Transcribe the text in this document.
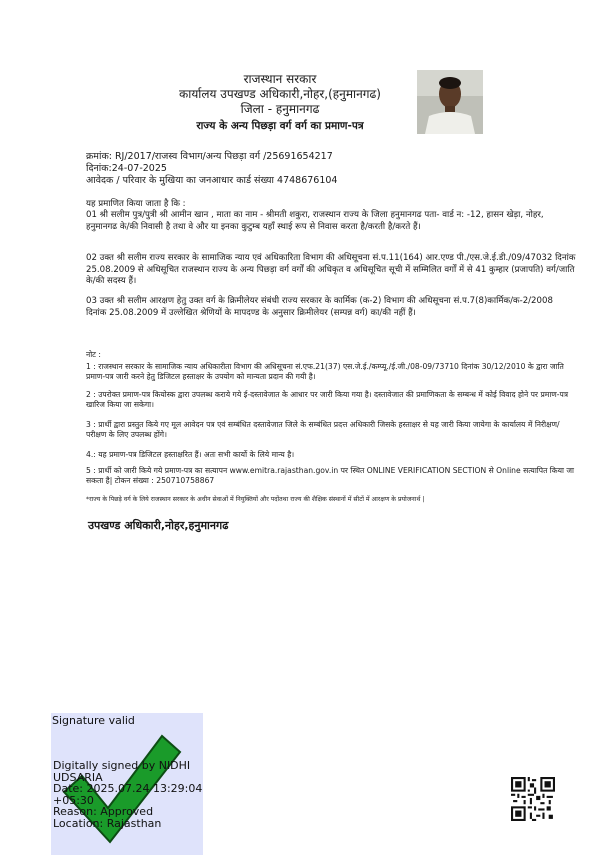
राजस्थान सरकार
कार्यालय उपखण्ड अधिकारी,नोहर,(हनुमानगढ)
जिला - हनुमानगढ
राज्य के अन्य पिछड़ा वर्ग वर्ग का प्रमाण-पत्र
क्रमांक: RJ/2017/राजस्व विभाग/अन्य पिछड़ा वर्ग /25691654217
दिनांक:24-07-2025
आवेदक / परिवार के मुखिया का जनआधार कार्ड संख्या 4748676104
यह प्रमाणित किया जाता है कि :
01 श्री सलीम पुत्र/पुत्री श्री आमीन खान , माता का नाम - श्रीमती शकुरा, राजस्थान राज्य के जिला हनुमानगढ पता- वार्ड न: -12, हासन खेड़ा, नोहर, हनुमानगढ के/की निवासी है तथा वे और या इनका कुटुम्ब यहाँ स्थाई रूप से निवास करता है/करती है/करते हैं।
02 उक्त श्री सलीम राज्य सरकार के सामाजिक न्याय एवं अधिकारिता विभाग की अधिसूचना सं.प.11(164) आर.एण्ड पी./एस.जे.ई.डी./09/47032 दिनांक 25.08.2009 से अधिसूचित राजस्थान राज्य के अन्य पिछड़ा वर्ग वर्गों की अधिकृत व अधिसूचित सूची में सम्मिलित वर्गों में से 41 कुम्हार (प्रजापति) वर्ग/जाति के/की सदस्य हैं।
03 उक्त श्री सलीम आरक्षण हेतु उक्त वर्ग के क्रिमीलेयर संबंधी राज्य सरकार के कार्मिक (क-2) विभाग की अधिसूचना सं.प.7(8)कार्मिक/क-2/2008 दिनांक 25.08.2009 में उल्लेखित श्रेणियों के मापदण्ड के अनुसार क्रिमीलेयर (सम्पन्न वर्ग) का/की नहीं हैं।
नोट :
1 : राजस्थान सरकार के सामाजिक न्याय अधिकारीता विभाग की अधिसूचना सं.एफ.21(37) एस.जे.ई./कम्प्यू./ई.जी./08-09/73710 दिनांक 30/12/2010 के द्वारा जाति प्रमाण-पत्र जारी करने हेतु डिजिटल हस्ताक्षर के उपयोग को मान्यता प्रदान की गयी है।
2 : उपरोक्त प्रमाण-पत्र कियोस्क द्वारा उपलब्ध कराये गये ई-दस्तावेजात के आधार पर जारी किया गया है। दस्तावेजात की प्रमाणिकता के सम्बन्ध में कोई विवाद होने पर प्रमाण-पत्र खारिज किया जा सकेगा।
3 : प्रार्थी द्वारा प्रस्तुत किये गए मूल आवेदन पत्र एवं सम्बंधित दस्तावेजात जिले के सम्बंधित प्रदत्त अधिकारी जिसके हस्ताक्षर से यह जारी किया जायेगा के कार्यालय में निरीक्षण/परीक्षण के लिए उपलब्ध होंगे।
4.: यह प्रमाण-पत्र डिजिटल हस्ताक्षरित हैं। अतः सभी कार्यो के लिये मान्य है।
5 : प्रार्थी को जारी किये गये प्रमाण-पत्र का सत्यापन www.emitra.rajasthan.gov.in पर स्थित ONLINE VERIFICATION SECTION से Online सत्यापित किया जा सकता है| टोकन संख्या : 250710758867
*राज्य के पिछड़े वर्ग के लिये राजस्थान सरकार के अधीन सेवाओं में नियुक्तियों और पदोंतथा राज्य की शैक्षिक संस्थानों में सीटों में आरक्षण के प्रयोजनार्थ |
उपखण्ड अधिकारी,नोहर,हनुमानगढ
Signature valid
Digitally signed by NIDHI
UDSARIA
Date: 2025.07.24 13:29:04
+05:30
Reason: Approved
Location: Rajasthan
